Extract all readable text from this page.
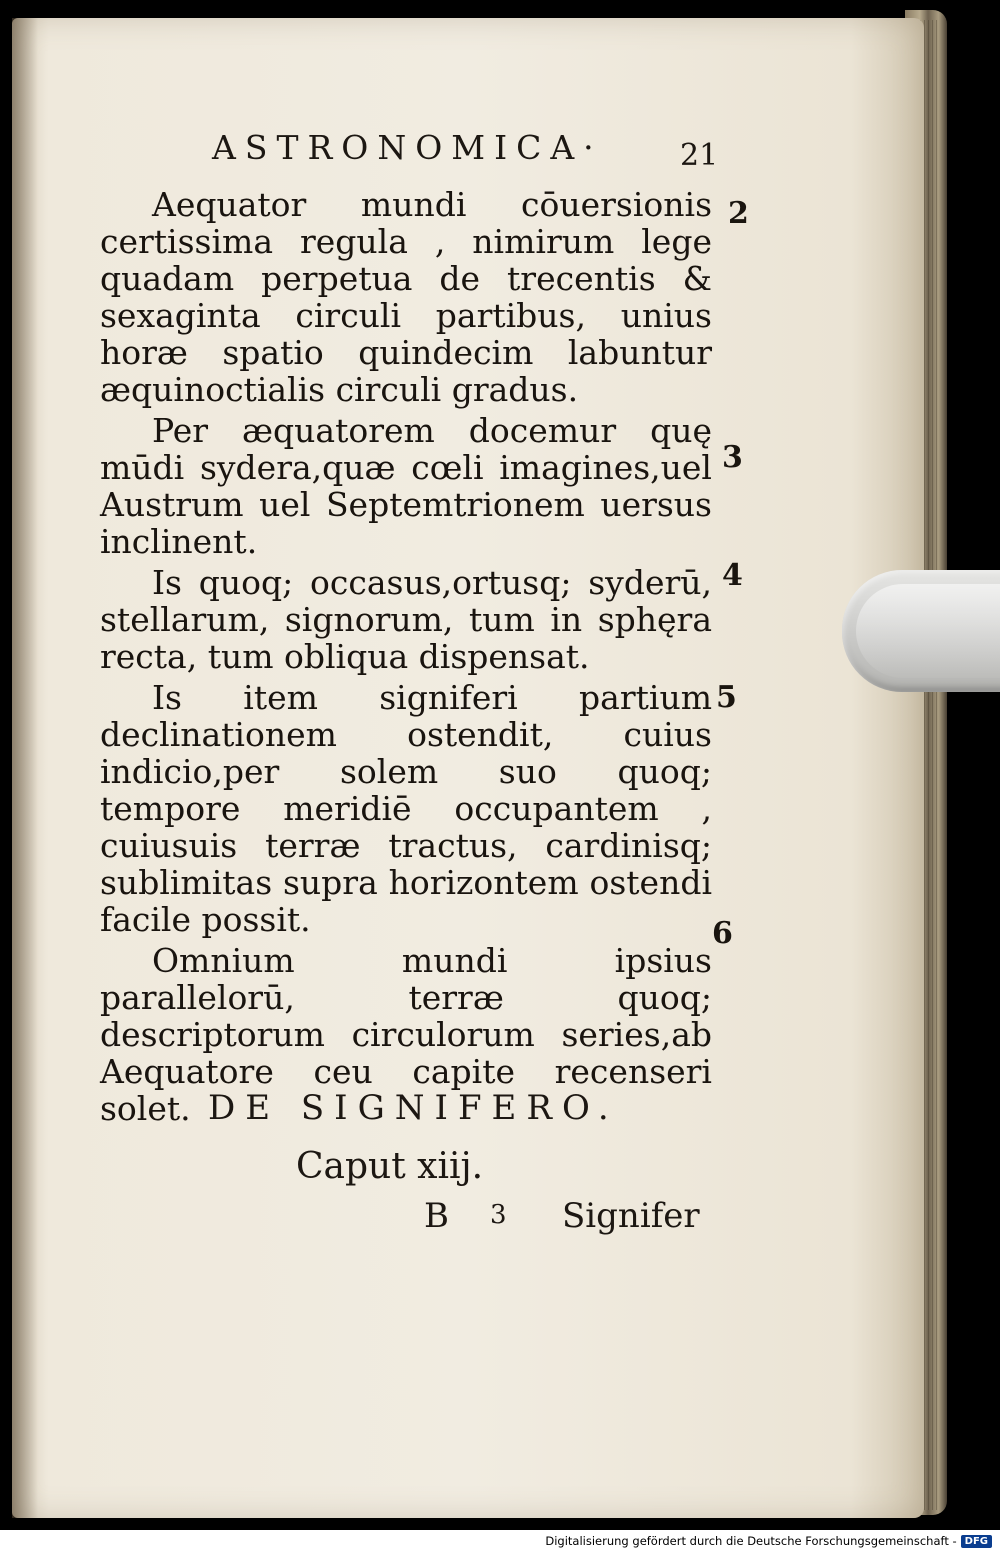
ASTRONOMICA·	21

Aequator mundi cōuersionis certissima regula , nimirum lege quadam perpetua de trecentis & sexaginta circuli partibus, unius horæ spatio quindecim labuntur æquinoctialis circuli gradus.

Per æquatorem docemur quę mūdi sydera,quæ cœli imagines,uel Austrum uel Septemtrionem uersus inclinent.

Is quoq; occasus,ortusq; syderū, stellarum, signorum, tum in sphęra recta, tum obliqua dispensat.

Is item signiferi partium declinationem ostendit, cuius indicio,per solem suo quoq; tempore meridiē occupantem , cuiusuis terræ tractus, cardinisq; sublimitas supra horizontem ostendi facile possit.

Omnium mundi ipsius parallelorū, terræ quoq; descriptorum circulorum series,ab Aequatore ceu capite recenseri solet.

2
3
4
5
6
DE SIGNIFERO.
Caput xiij.
B 3 Signifer
Digitalisierung gefördert durch die Deutsche Forschungsgemeinschaft - DFG
